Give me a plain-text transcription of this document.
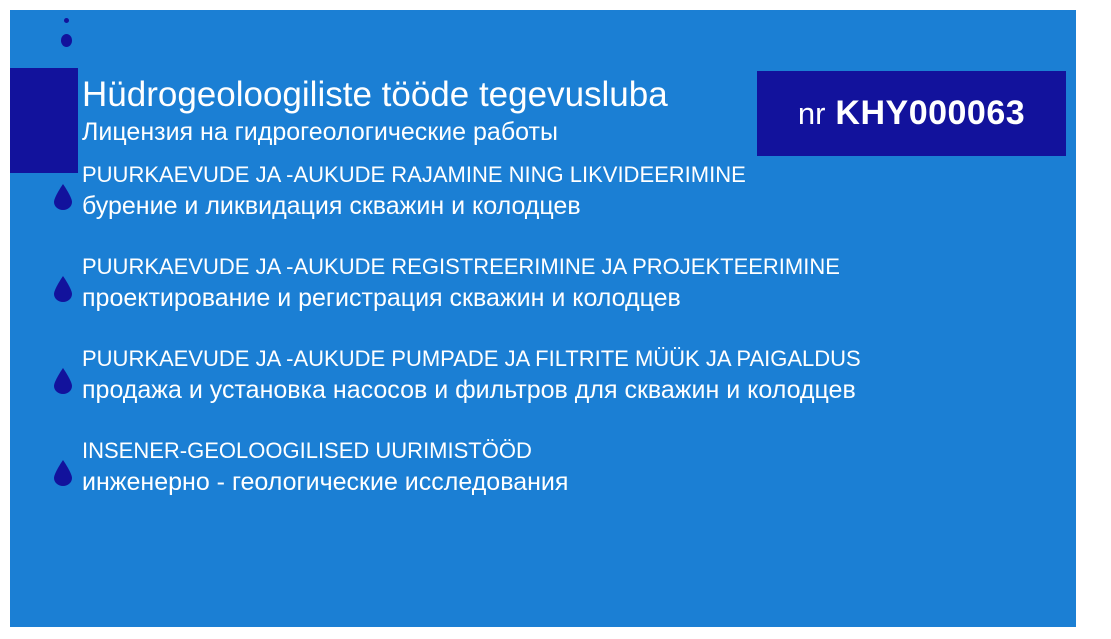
Hüdrogeoloogiliste tööde tegevusluba
Лицензия на гидрогеологические работы
nr KHY000063
PUURKAEVUDE JA -AUKUDE RAJAMINE NING LIKVIDEERIMINE
бурение и ликвидация скважин и колодцев
PUURKAEVUDE JA -AUKUDE REGISTREERIMINE JA PROJEKTEERIMINE
проектирование и регистрация скважин и колодцев
PUURKAEVUDE JA -AUKUDE PUMPADE JA FILTRITE MÜÜK JA PAIGALDUS
продажа и установка насосов и фильтров для скважин и колодцев
INSENER-GEOLOOGILISED UURIMISTÖÖD
инженерно - геологические исследования
